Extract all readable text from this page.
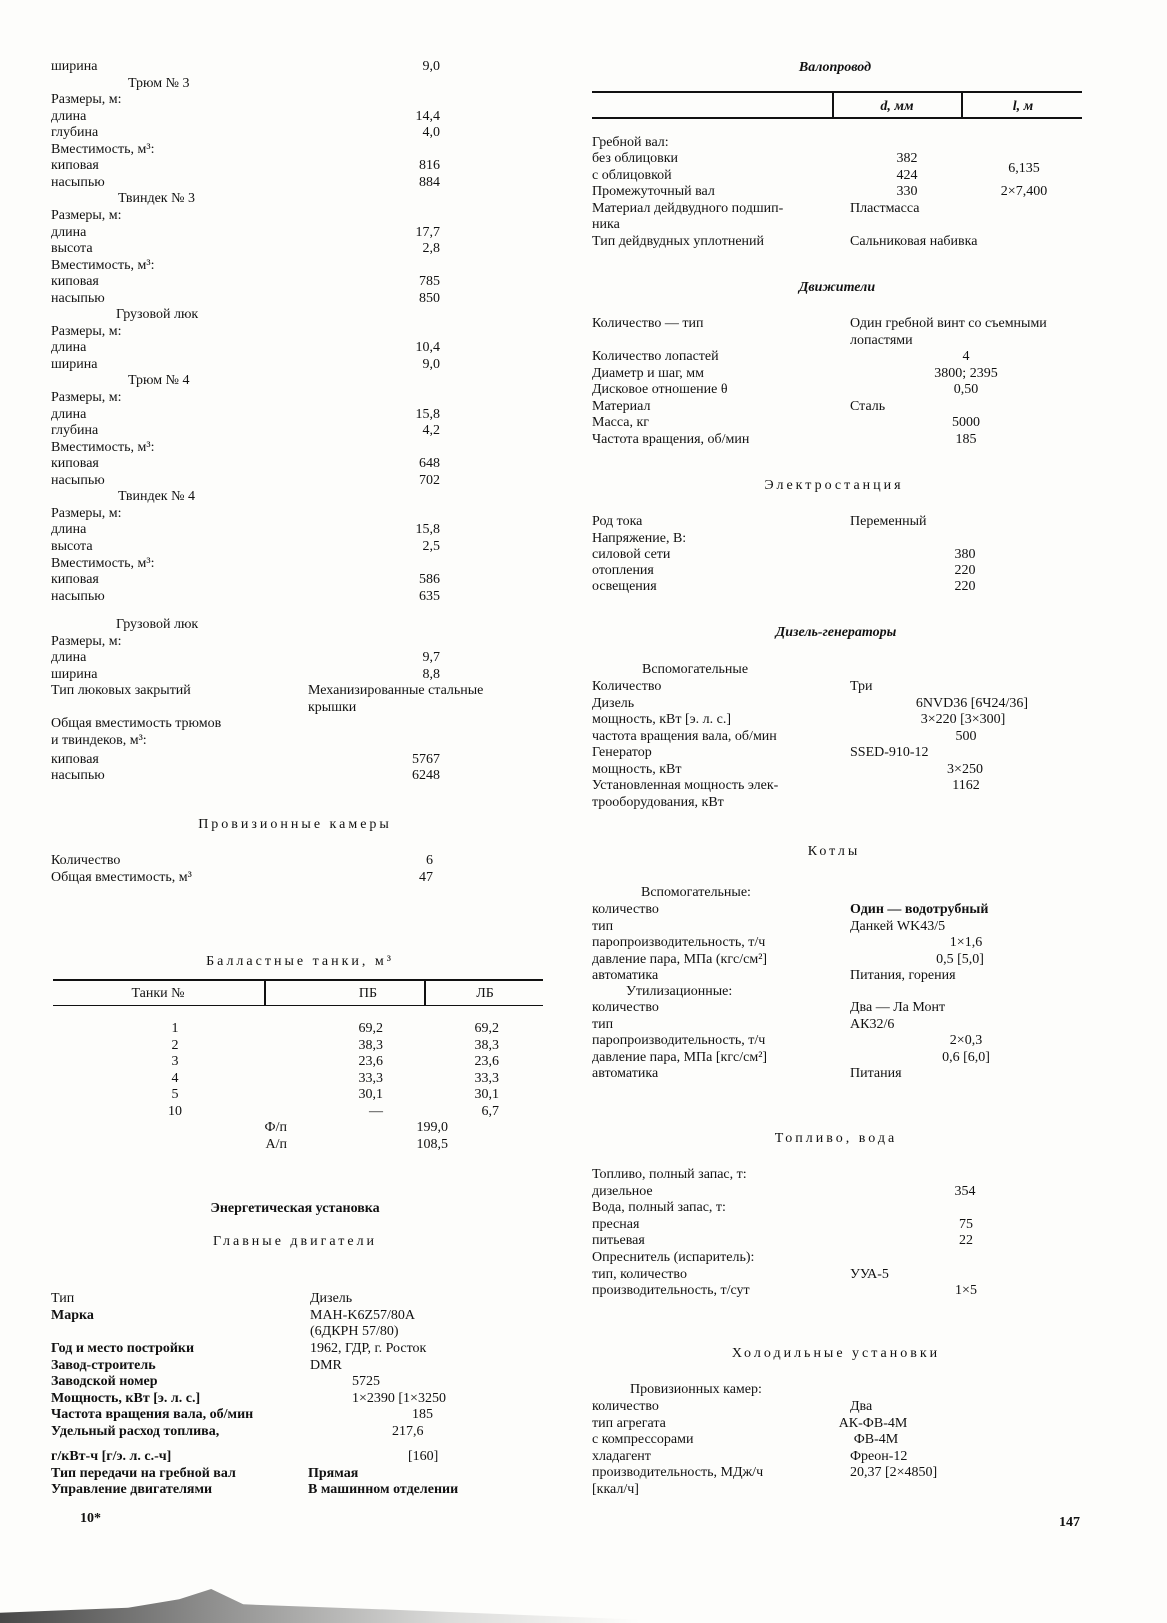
ширина	9,0
Трюм № 3
Размеры, м:
длина	14,4
глубина	4,0
Вместимость, м³:
киповая	816
насыпью	884
Твиндек № 3
Размеры, м:
длина	17,7
высота	2,8
Вместимость, м³:
киповая	785
насыпью	850
Грузовой люк
Размеры, м:
длина	10,4
ширина	9,0
Трюм № 4
Размеры, м:
длина	15,8
глубина	4,2
Вместимость, м³:
киповая	648
насыпью	702
Твиндек № 4
Размеры, м:
длина	15,8
высота	2,5
Вместимость, м³:
киповая	586
насыпью	635
Грузовой люк
Размеры, м:
длина	9,7
ширина	8,8
Тип люковых закрытий	Механизированные стальные
крышки
Общая вместимость трюмов
и твиндеков, м³:
киповая	5767
насыпью	6248
Провизионные камеры
Количество	6
Общая вместимость, м³	47
Балластные танки, м³
Танки №	ПБ	ЛБ
1	69,2	69,2
2	38,3	38,3
3	23,6	23,6
4	33,3	33,3
5	30,1	30,1
10	—	6,7
Ф/п	199,0
А/п	108,5
Энергетическая установка
Главные двигатели
Тип	Дизель
Марка	MAH-K6Z57/80A
(6ДКРН 57/80)
Год и место постройки	1962, ГДР, г. Росток
Завод-строитель	DMR
Заводской номер	5725
Мощность, кВт [э. л. с.]	1×2390 [1×3250
Частота вращения вала, об/мин	185
Удельный расход топлива,	217,6
г/кВт-ч [г/э. л. с.-ч]	[160]
Тип передачи на гребной вал	Прямая
Управление двигателями	В машинном отделении
10*
Валопровод
d, мм	l, м
Гребной вал:
без облицовки	382
с облицовкой	424	6,135
Промежуточный вал	330	2×7,400
Материал дейдвудного подшип-	Пластмасса
ника
Тип дейдвудных уплотнений	Сальниковая набивка
Движители
Количество — тип	Один гребной винт со съемными
лопастями
Количество лопастей	4
Диаметр и шаг, мм	3800; 2395
Дисковое отношение θ	0,50
Материал	Сталь
Масса, кг	5000
Частота вращения, об/мин	185
Электростанция
Род тока	Переменный
Напряжение, В:
силовой сети	380
отопления	220
освещения	220
Дизель-генераторы
Вспомогательные
Количество	Три
Дизель	6NVD36 [6Ч24/36]
мощность, кВт [э. л. с.]	3×220 [3×300]
частота вращения вала, об/мин	500
Генератор	SSED-910-12
мощность, кВт	3×250
Установленная мощность элек-	1162
трооборудования, кВт
Котлы
Вспомогательные:
количество	Один — водотрубный
тип	Данкей WK43/5
паропроизводительность, т/ч	1×1,6
давление пара, МПа (кгс/см²]	0,5 [5,0]
автоматика	Питания, горения
Утилизационные:
количество	Два — Ла Монт
тип	АК32/6
паропроизводительность, т/ч	2×0,3
давление пара, МПа [кгс/см²]	0,6 [6,0]
автоматика	Питания
Топливо, вода
Топливо, полный запас, т:
дизельное	354
Вода, полный запас, т:
пресная	75
питьевая	22
Опреснитель (испаритель):
тип, количество	УУА-5
производительность, т/сут	1×5
Холодильные установки
Провизионных камер:
количество	Два
тип агрегата	АК-ФВ-4М
с компрессорами	ФВ-4М
хладагент	Фреон-12
производительность, МДж/ч	20,37 [2×4850]
[ккал/ч]
147
